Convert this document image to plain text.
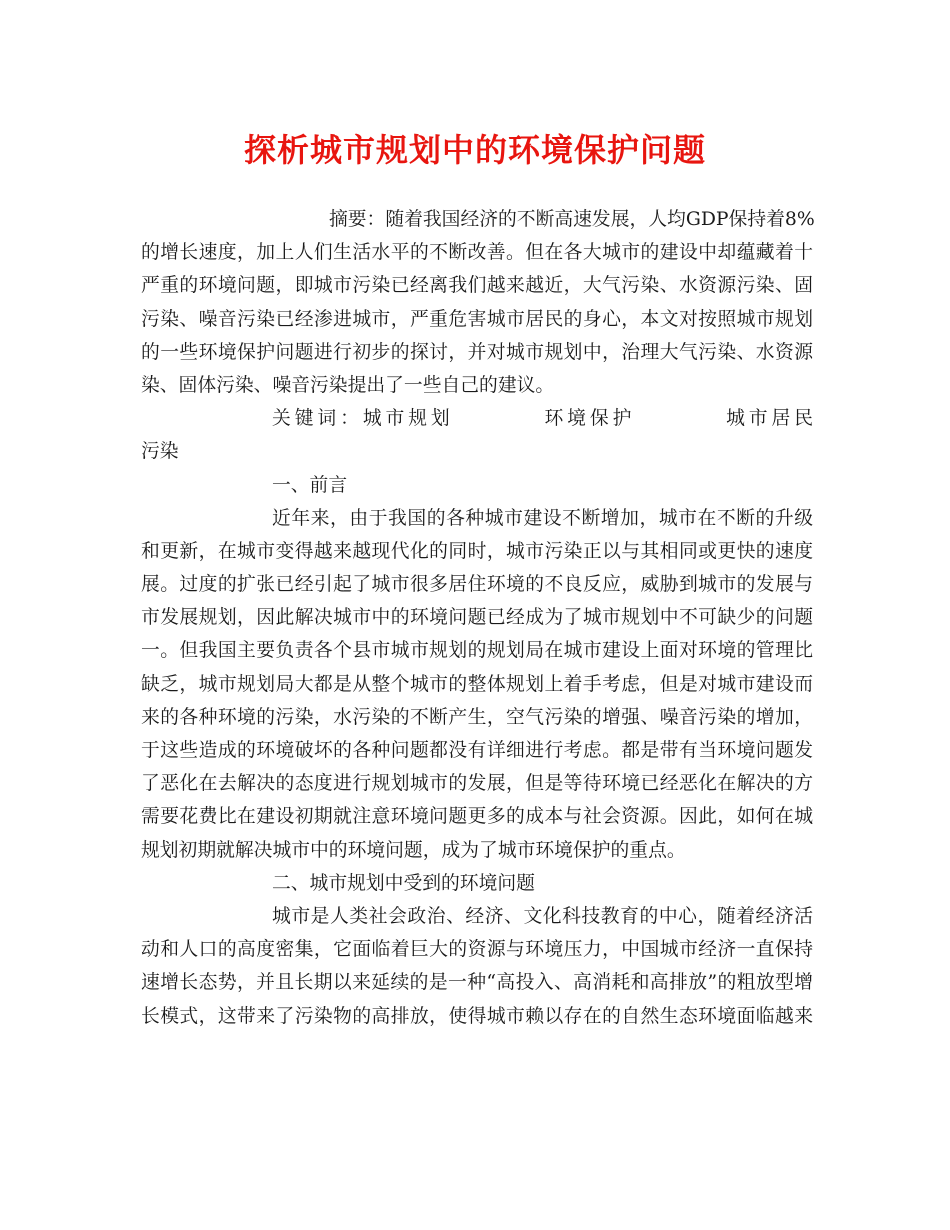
探析城市规划中的环境保护问题
摘要：随着我国经济的不断高速发展，人均GDP保持着8%
的增长速度，加上人们生活水平的不断改善。但在各大城市的建设中却蕴藏着十
严重的环境问题，即城市污染已经离我们越来越近，大气污染、水资源污染、固
污染、噪音污染已经渗进城市，严重危害城市居民的身心，本文对按照城市规划
的一些环境保护问题进行初步的探讨，并对城市规划中，治理大气污染、水资源
染、固体污染、噪音污染提出了一些自己的建议。
关键词：城市规划　　　　环境保护　　　　城市居民　　　　
污染
一、前言
近年来，由于我国的各种城市建设不断增加，城市在不断的升级
和更新，在城市变得越来越现代化的同时，城市污染正以与其相同或更快的速度
展。过度的扩张已经引起了城市很多居住环境的不良反应，威胁到城市的发展与
市发展规划，因此解决城市中的环境问题已经成为了城市规划中不可缺少的问题
一。但我国主要负责各个县市城市规划的规划局在城市建设上面对环境的管理比
缺乏，城市规划局大都是从整个城市的整体规划上着手考虑，但是对城市建设而
来的各种环境的污染，水污染的不断产生，空气污染的增强、噪音污染的增加，
于这些造成的环境破坏的各种问题都没有详细进行考虑。都是带有当环境问题发
了恶化在去解决的态度进行规划城市的发展，但是等待环境已经恶化在解决的方
需要花费比在建设初期就注意环境问题更多的成本与社会资源。因此，如何在城
规划初期就解决城市中的环境问题，成为了城市环境保护的重点。
二、城市规划中受到的环境问题
城市是人类社会政治、经济、文化科技教育的中心，随着经济活
动和人口的高度密集，它面临着巨大的资源与环境压力，中国城市经济一直保持
速增长态势，并且长期以来延续的是一种“高投入、高消耗和高排放”的粗放型增
长模式，这带来了污染物的高排放，使得城市赖以存在的自然生态环境面临越来
